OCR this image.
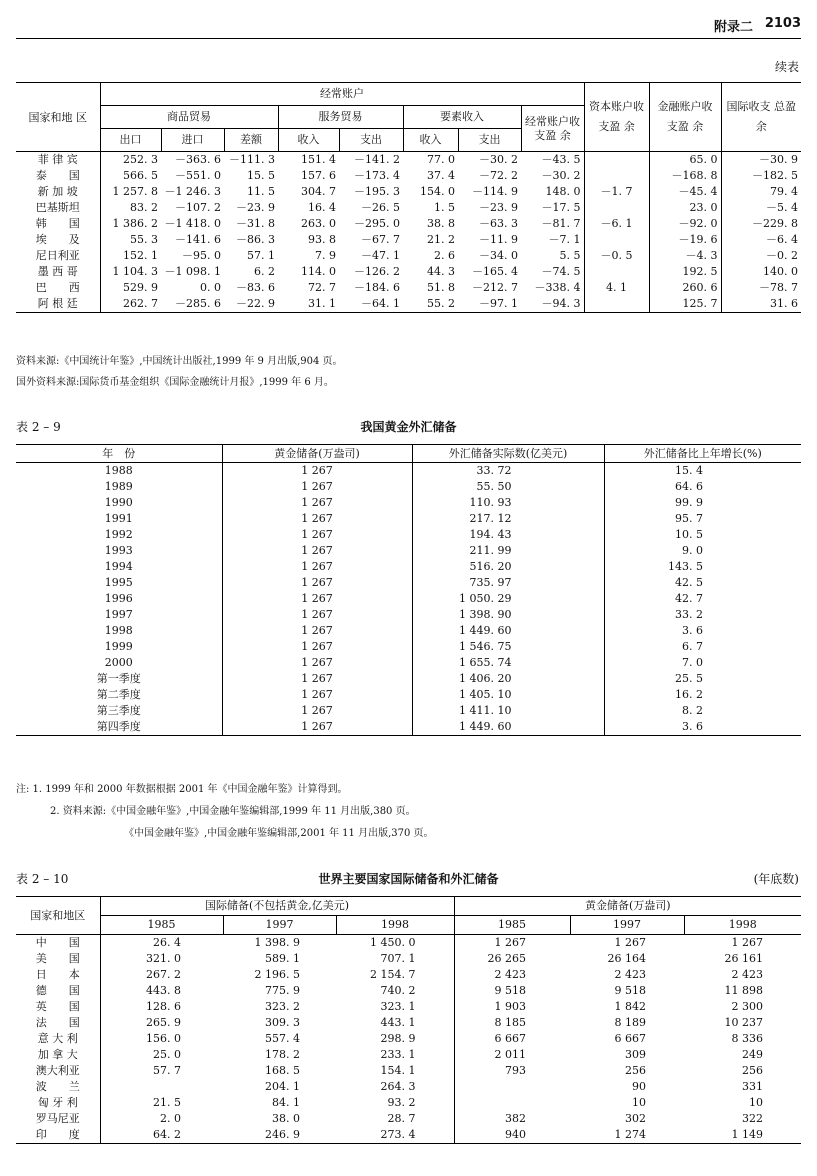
附录二 2103
续表
国家和地 区	经常账户								资本账户收支盈 余	金融账户收支盈 余	国际收支 总盈 余
	商品贸易			服务贸易		要素收入		经常账户收支盈 余			
	出口	进口	差额	收入	支出	收入	支出				
菲 律 宾	252. 3	－363. 6	－111. 3	151. 4	－141. 2	77. 0	－30. 2	－43. 5		65. 0	－30. 9
泰　　国	566. 5	－551. 0	15. 5	157. 6	－173. 4	37. 4	－72. 2	－30. 2		－168. 8	－182. 5
新 加 坡	1 257. 8	－1 246. 3	11. 5	304. 7	－195. 3	154. 0	－114. 9	148. 0	－1. 7	－45. 4	79. 4
巴基斯坦	83. 2	－107. 2	－23. 9	16. 4	－26. 5	1. 5	－23. 9	－17. 5		23. 0	－5. 4
韩　　国	1 386. 2	－1 418. 0	－31. 8	263. 0	－295. 0	38. 8	－63. 3	－81. 7	－6. 1	－92. 0	－229. 8
埃　　及	55. 3	－141. 6	－86. 3	93. 8	－67. 7	21. 2	－11. 9	－7. 1		－19. 6	－6. 4
尼日利亚	152. 1	－95. 0	57. 1	7. 9	－47. 1	2. 6	－34. 0	5. 5	－0. 5	－4. 3	－0. 2
墨 西 哥	1 104. 3	－1 098. 1	6. 2	114. 0	－126. 2	44. 3	－165. 4	－74. 5		192. 5	140. 0
巴　　西	529. 9	0. 0	－83. 6	72. 7	－184. 6	51. 8	－212. 7	－338. 4	4. 1	260. 6	－78. 7
阿 根 廷	262. 7	－285. 6	－22. 9	31. 1	－64. 1	55. 2	－97. 1	－94. 3		125. 7	31. 6
资料来源:《中国统计年鉴》,中国统计出版社,1999 年 9 月出版,904 页。
国外资料来源:国际货币基金组织《国际金融统计月报》,1999 年 6 月。
表 2 – 9	我国黄金外汇储备
年　份	黄金储备(万盎司)	外汇储备实际数(亿美元)	外汇储备比上年增长(%)
1988	1 267	33. 72	15. 4
1989	1 267	55. 50	64. 6
1990	1 267	110. 93	99. 9
1991	1 267	217. 12	95. 7
1992	1 267	194. 43	10. 5
1993	1 267	211. 99	9. 0
1994	1 267	516. 20	143. 5
1995	1 267	735. 97	42. 5
1996	1 267	1 050. 29	42. 7
1997	1 267	1 398. 90	33. 2
1998	1 267	1 449. 60	3. 6
1999	1 267	1 546. 75	6. 7
2000	1 267	1 655. 74	7. 0
第一季度	1 267	1 406. 20	25. 5
第二季度	1 267	1 405. 10	16. 2
第三季度	1 267	1 411. 10	8. 2
第四季度	1 267	1 449. 60	3. 6
注: 1. 1999 年和 2000 年数据根据 2001 年《中国金融年鉴》计算得到。
2. 资料来源:《中国金融年鉴》,中国金融年鉴编辑部,1999 年 11 月出版,380 页。
《中国金融年鉴》,中国金融年鉴编辑部,2001 年 11 月出版,370 页。
表 2 – 10	世界主要国家国际储备和外汇储备	(年底数)
国家和地区	国际储备(不包括黄金,亿美元)			黄金储备(万盎司)		
	1985	1997	1998	1985	1997	1998
中　　国	26. 4	1 398. 9	1 450. 0	1 267	1 267	1 267
美　　国	321. 0	589. 1	707. 1	26 265	26 164	26 161
日　　本	267. 2	2 196. 5	2 154. 7	2 423	2 423	2 423
德　　国	443. 8	775. 9	740. 2	9 518	9 518	11 898
英　　国	128. 6	323. 2	323. 1	1 903	1 842	2 300
法　　国	265. 9	309. 3	443. 1	8 185	8 189	10 237
意 大 利	156. 0	557. 4	298. 9	6 667	6 667	8 336
加 拿 大	25. 0	178. 2	233. 1	2 011	309	249
澳大利亚	57. 7	168. 5	154. 1	793	256	256
波　　兰		204. 1	264. 3		90	331
匈 牙 利	21. 5	84. 1	93. 2		10	10
罗马尼亚	2. 0	38. 0	28. 7	382	302	322
印　　度	64. 2	246. 9	273. 4	940	1 274	1 149
